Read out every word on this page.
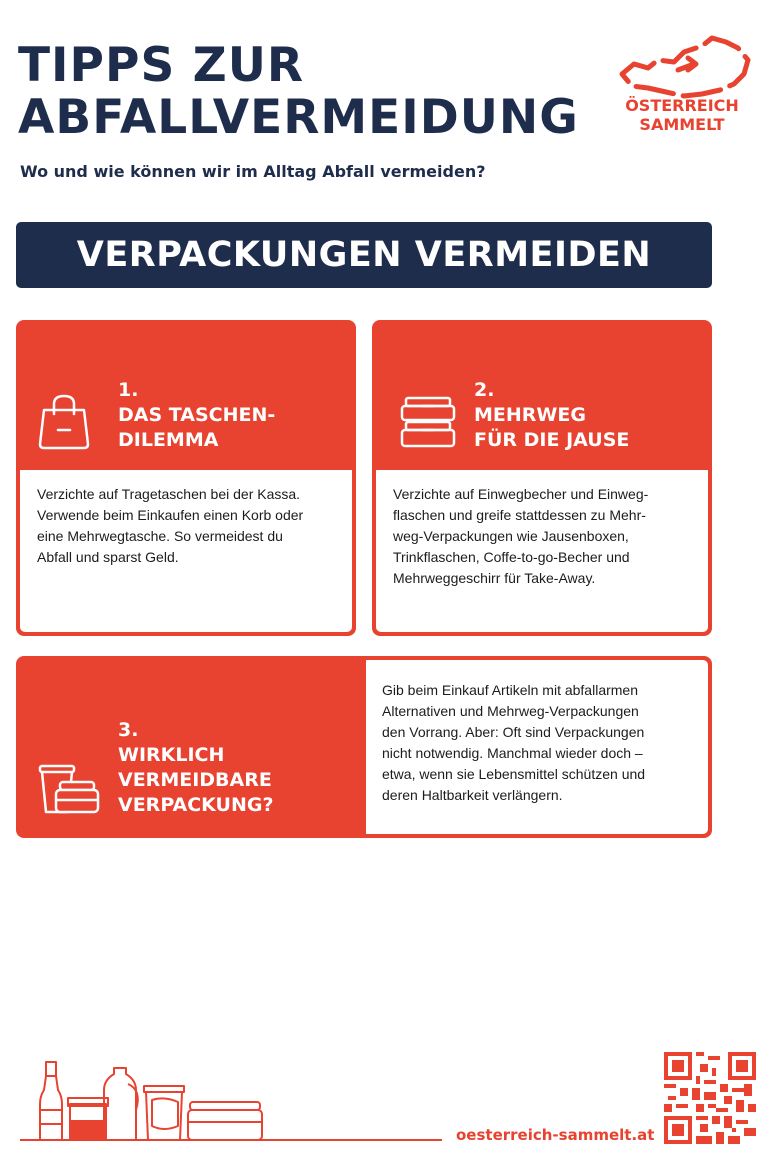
TIPPS ZUR
ABFALLVERMEIDUNG
Wo und wie können wir im Alltag Abfall vermeiden?
ÖSTERREICH
SAMMELT
VERPACKUNGEN VERMEIDEN
1.
DAS TASCHEN-
DILEMMA
Verzichte auf Tragetaschen bei der Kassa.
Verwende beim Einkaufen einen Korb oder
eine Mehrwegtasche. So vermeidest du
Abfall und sparst Geld.
2.
MEHRWEG
FÜR DIE JAUSE
Verzichte auf Einwegbecher und Einweg-
flaschen und greife stattdessen zu Mehr-
weg-Verpackungen wie Jausenboxen,
Trinkflaschen, Coffe-to-go-Becher und
Mehrweggeschirr für Take-Away.
3.
WIRKLICH
VERMEIDBARE
VERPACKUNG?
Gib beim Einkauf Artikeln mit abfallarmen
Alternativen und Mehrweg-Verpackungen
den Vorrang. Aber: Oft sind Verpackungen
nicht notwendig. Manchmal wieder doch –
etwa, wenn sie Lebensmittel schützen und
deren Haltbarkeit verlängern.
oesterreich-sammelt.at
